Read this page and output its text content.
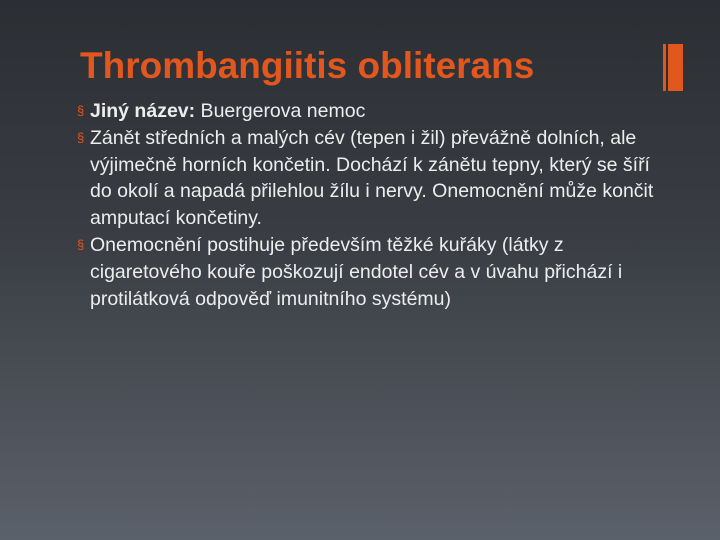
Thrombangiitis obliterans
§ Jiný název: Buergerova nemoc
§ Zánět středních a malých cév (tepen i žil) převážně dolních, ale výjimečně horních končetin. Dochází k zánětu tepny, který se šíří do okolí a napadá přilehlou žílu i nervy. Onemocnění může končit amputací končetiny.
§ Onemocnění postihuje především těžké kuřáky (látky z cigaretového kouře poškozují endotel cév a v úvahu přichází i protilátková odpověď imunitního systému)
